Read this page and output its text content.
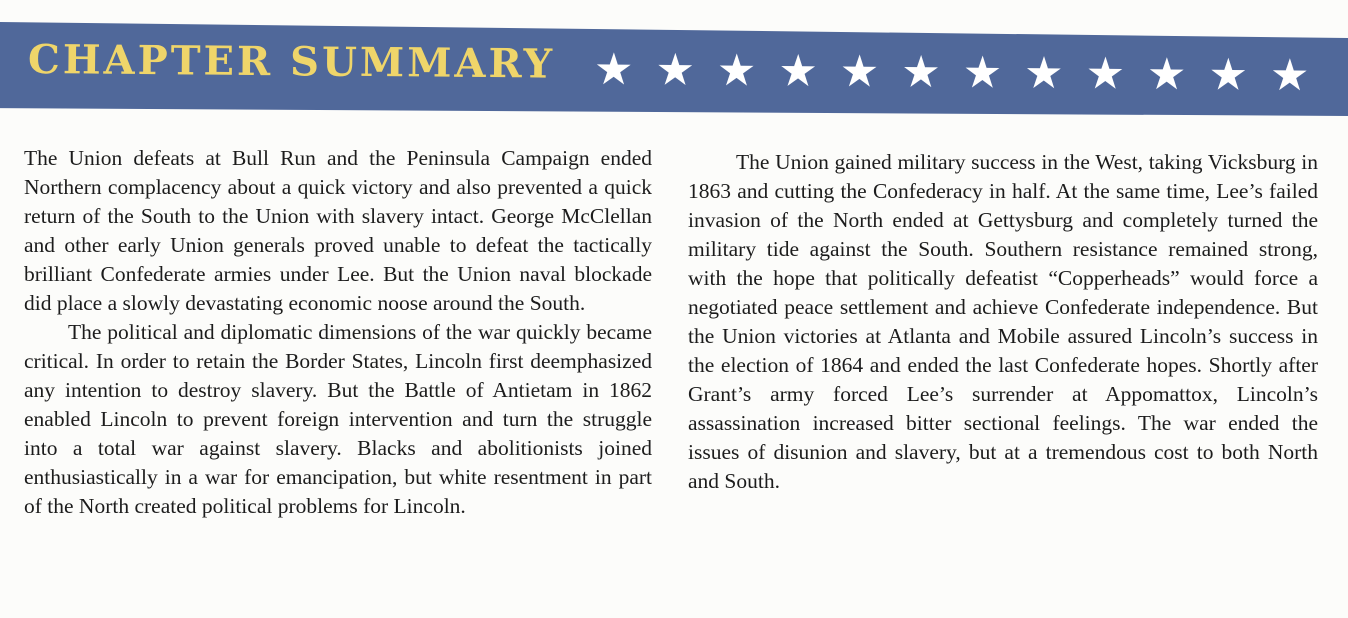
CHAPTER SUMMARY ★ ★ ★ ★ ★ ★ ★ ★ ★ ★ ★ ★

The Union defeats at Bull Run and the Peninsula Campaign ended Northern complacency about a quick victory and also prevented a quick return of the South to the Union with slavery intact. George McClellan and other early Union generals proved unable to defeat the tactically brilliant Confederate armies under Lee. But the Union naval blockade did place a slowly devastating economic noose around the South.

The political and diplomatic dimensions of the war quickly became critical. In order to retain the Border States, Lincoln first deemphasized any intention to destroy slavery. But the Battle of Antietam in 1862 enabled Lincoln to prevent foreign intervention and turn the struggle into a total war against slavery. Blacks and abolitionists joined enthusiastically in a war for emancipation, but white resentment in part of the North created political problems for Lincoln.

The Union gained military success in the West, taking Vicksburg in 1863 and cutting the Confederacy in half. At the same time, Lee’s failed invasion of the North ended at Gettysburg and completely turned the military tide against the South. Southern resistance remained strong, with the hope that politically defeatist “Copperheads” would force a negotiated peace settlement and achieve Confederate independence. But the Union victories at Atlanta and Mobile assured Lincoln’s success in the election of 1864 and ended the last Confederate hopes. Shortly after Grant’s army forced Lee’s surrender at Appomattox, Lincoln’s assassination increased bitter sectional feelings. The war ended the issues of disunion and slavery, but at a tremendous cost to both North and South.
